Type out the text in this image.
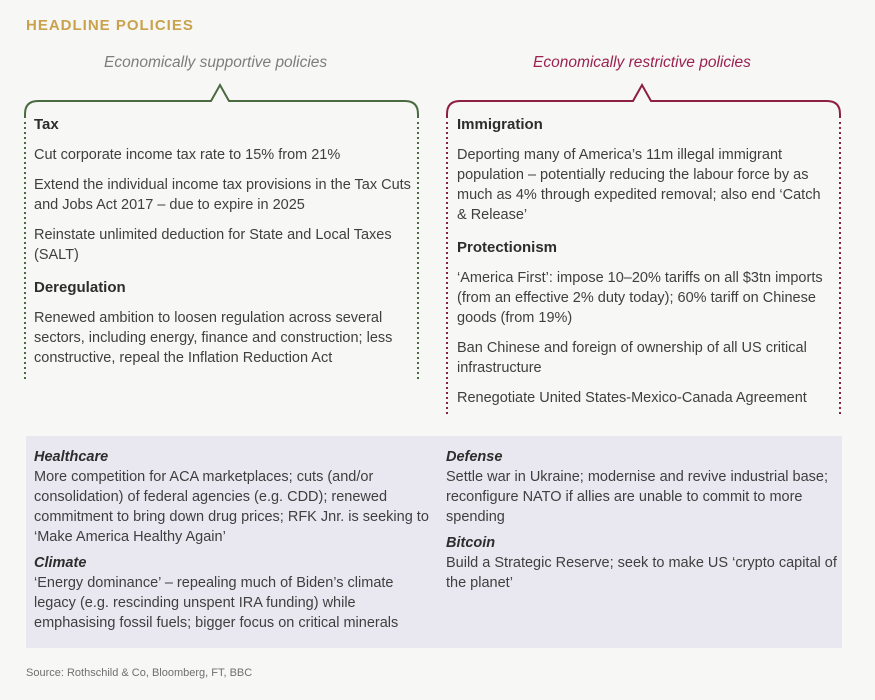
HEADLINE POLICIES
Economically supportive policies	Economically restrictive policies
Tax
Cut corporate income tax rate to 15% from 21%
Extend the individual income tax provisions in the Tax Cuts and Jobs Act 2017 – due to expire in 2025
Reinstate unlimited deduction for State and Local Taxes (SALT)
Deregulation
Renewed ambition to loosen regulation across several sectors, including energy, finance and construction; less constructive, repeal the Inflation Reduction Act
Immigration
Deporting many of America’s 11m illegal immigrant population – potentially reducing the labour force by as much as 4% through expedited removal; also end ‘Catch & Release’
Protectionism
‘America First’: impose 10–20% tariffs on all $3tn imports (from an effective 2% duty today); 60% tariff on Chinese goods (from 19%)
Ban Chinese and foreign of ownership of all US critical infrastructure
Renegotiate United States-Mexico-Canada Agreement
Healthcare
More competition for ACA marketplaces; cuts (and/or consolidation) of federal agencies (e.g. CDD); renewed commitment to bring down drug prices; RFK Jnr. is seeking to ‘Make America Healthy Again’
Climate
‘Energy dominance’ – repealing much of Biden’s climate legacy (e.g. rescinding unspent IRA funding) while emphasising fossil fuels; bigger focus on critical minerals
Defense
Settle war in Ukraine; modernise and revive industrial base; reconfigure NATO if allies are unable to commit to more spending
Bitcoin
Build a Strategic Reserve; seek to make US ‘crypto capital of the planet’
Source: Rothschild & Co, Bloomberg, FT, BBC
